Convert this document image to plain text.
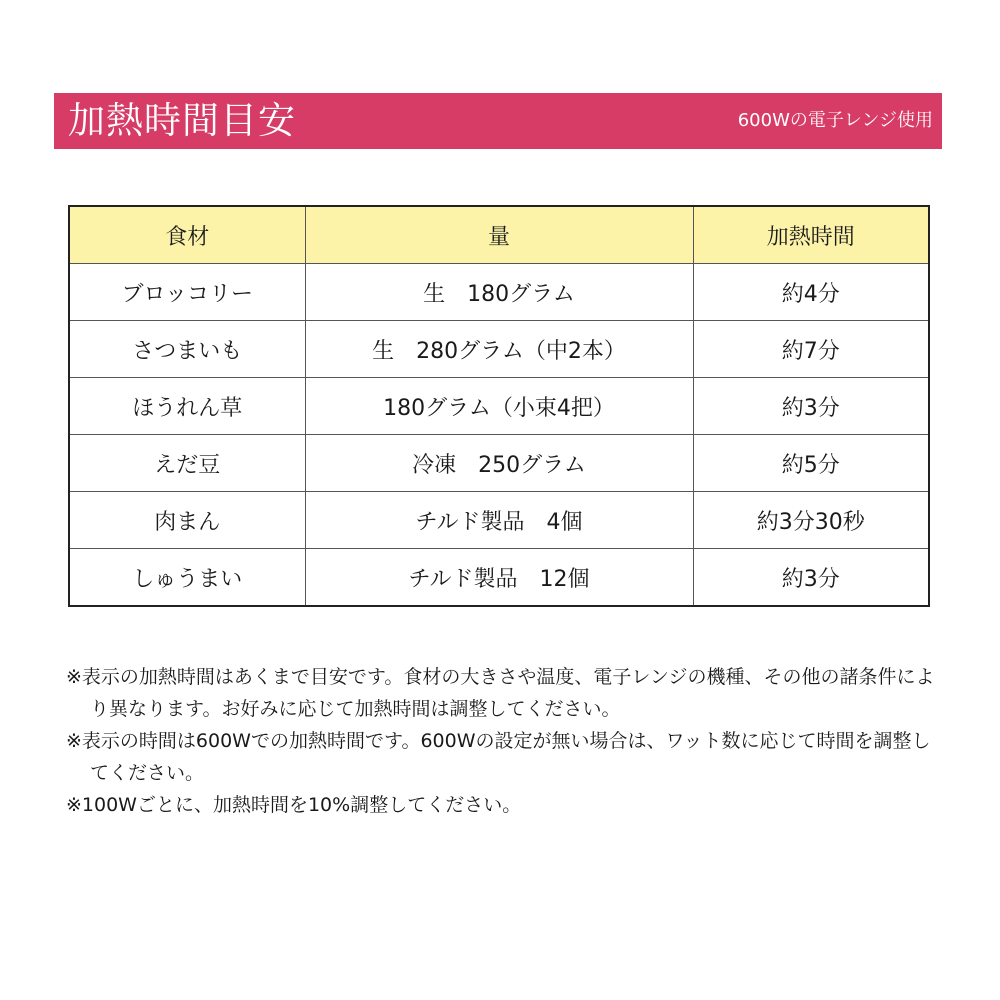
加熱時間目安	600Wの電子レンジ使用
食材	量	加熱時間
ブロッコリー	生　180グラム	約4分
さつまいも	生　280グラム（中2本）	約7分
ほうれん草	180グラム（小束4把）	約3分
えだ豆	冷凍　250グラム	約5分
肉まん	チルド製品　4個	約3分30秒
しゅうまい	チルド製品　12個	約3分

※表示の加熱時間はあくまで目安です。食材の大きさや温度、電子レンジの機種、その他の諸条件により異なります。お好みに応じて加熱時間は調整してください。

※表示の時間は600Wでの加熱時間です。600Wの設定が無い場合は、ワット数に応じて時間を調整してください。

※100Wごとに、加熱時間を10%調整してください。
